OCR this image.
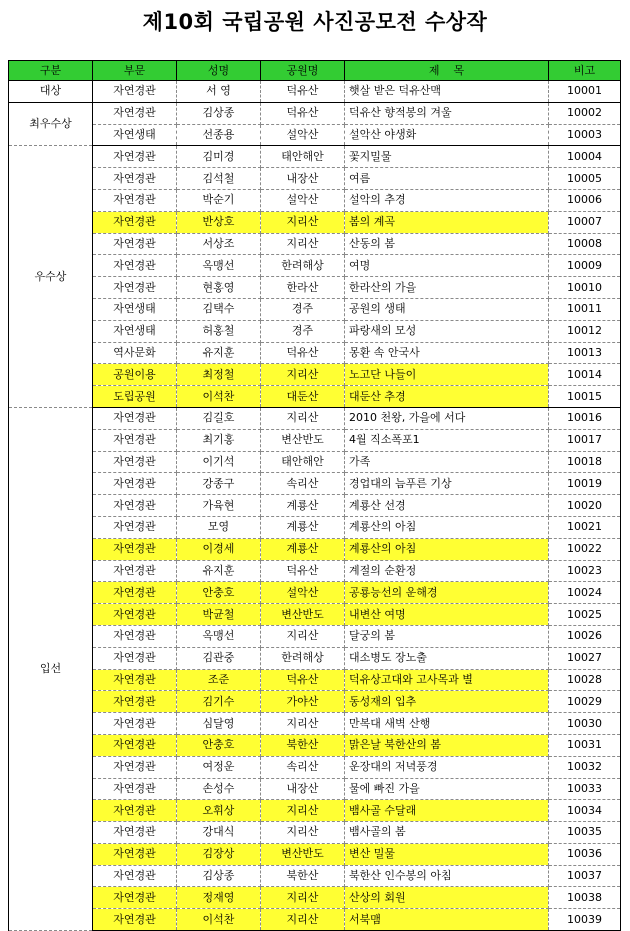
제10회 국립공원 사진공모전 수상작
구분	부문	성명	공원명	제    목	비고
대상	자연경관	서 영	덕유산	햇살 받은 덕유산맥	10001
최우수상	자연경관	김상종	덕유산	덕유산 향적봉의 겨울	10002
	자연생태	선종용	설악산	설악산 야생화	10003
우수상	자연경관	김미경	태안해안	꽃지밀물	10004
	자연경관	김석철	내장산	여름	10005
	자연경관	박순기	설악산	설악의 추경	10006
	자연경관	반상호	지리산	봄의 계곡	10007
	자연경관	서상조	지리산	산동의 봄	10008
	자연경관	옥맹선	한려해상	여명	10009
	자연경관	현홍영	한라산	한라산의 가을	10010
	자연생태	김택수	경주	공원의 생태	10011
	자연생태	허홍철	경주	파랑새의 모성	10012
	역사문화	유지훈	덕유산	몽환 속 안국사	10013
	공원이용	최정철	지리산	노고단 나들이	10014
	도립공원	이석찬	대둔산	대둔산 추경	10015
입선	자연경관	김길호	지리산	2010 천왕, 가을에 서다	10016
	자연경관	최기홍	변산반도	4월 직소폭포1	10017
	자연경관	이기석	태안해안	가족	10018
	자연경관	강종구	속리산	경업대의 늠푸른 기상	10019
	자연경관	가육현	계룡산	계룡산 선경	10020
	자연경관	모영	계룡산	계룡산의 아침	10021
	자연경관	이경세	계룡산	계룡산의 아침	10022
	자연경관	유지훈	덕유산	계절의 순환정	10023
	자연경관	안충호	설악산	공룡능선의 운해경	10024
	자연경관	박균철	변산반도	내변산 여명	10025
	자연경관	옥맹선	지리산	달궁의 봄	10026
	자연경관	김관중	한려해상	대소병도 장노출	10027
	자연경관	조준	덕유산	덕유상고대와 고사목과 별	10028
	자연경관	김기수	가야산	동성재의 입추	10029
	자연경관	심달영	지리산	만복대 새벽 산행	10030
	자연경관	안충호	북한산	맑은날 북한산의 봄	10031
	자연경관	여정운	속리산	운장대의 저녁풍경	10032
	자연경관	손성수	내장산	물에 빠진 가을	10033
	자연경관	오휘상	지리산	뱀사골 수달래	10034
	자연경관	강대식	지리산	뱀사골의 봄	10035
	자연경관	김장상	변산반도	변산 밀물	10036
	자연경관	김상종	북한산	북한산 인수봉의 아침	10037
	자연경관	정재영	지리산	산상의 회원	10038
	자연경관	이석찬	지리산	서북맴	10039
